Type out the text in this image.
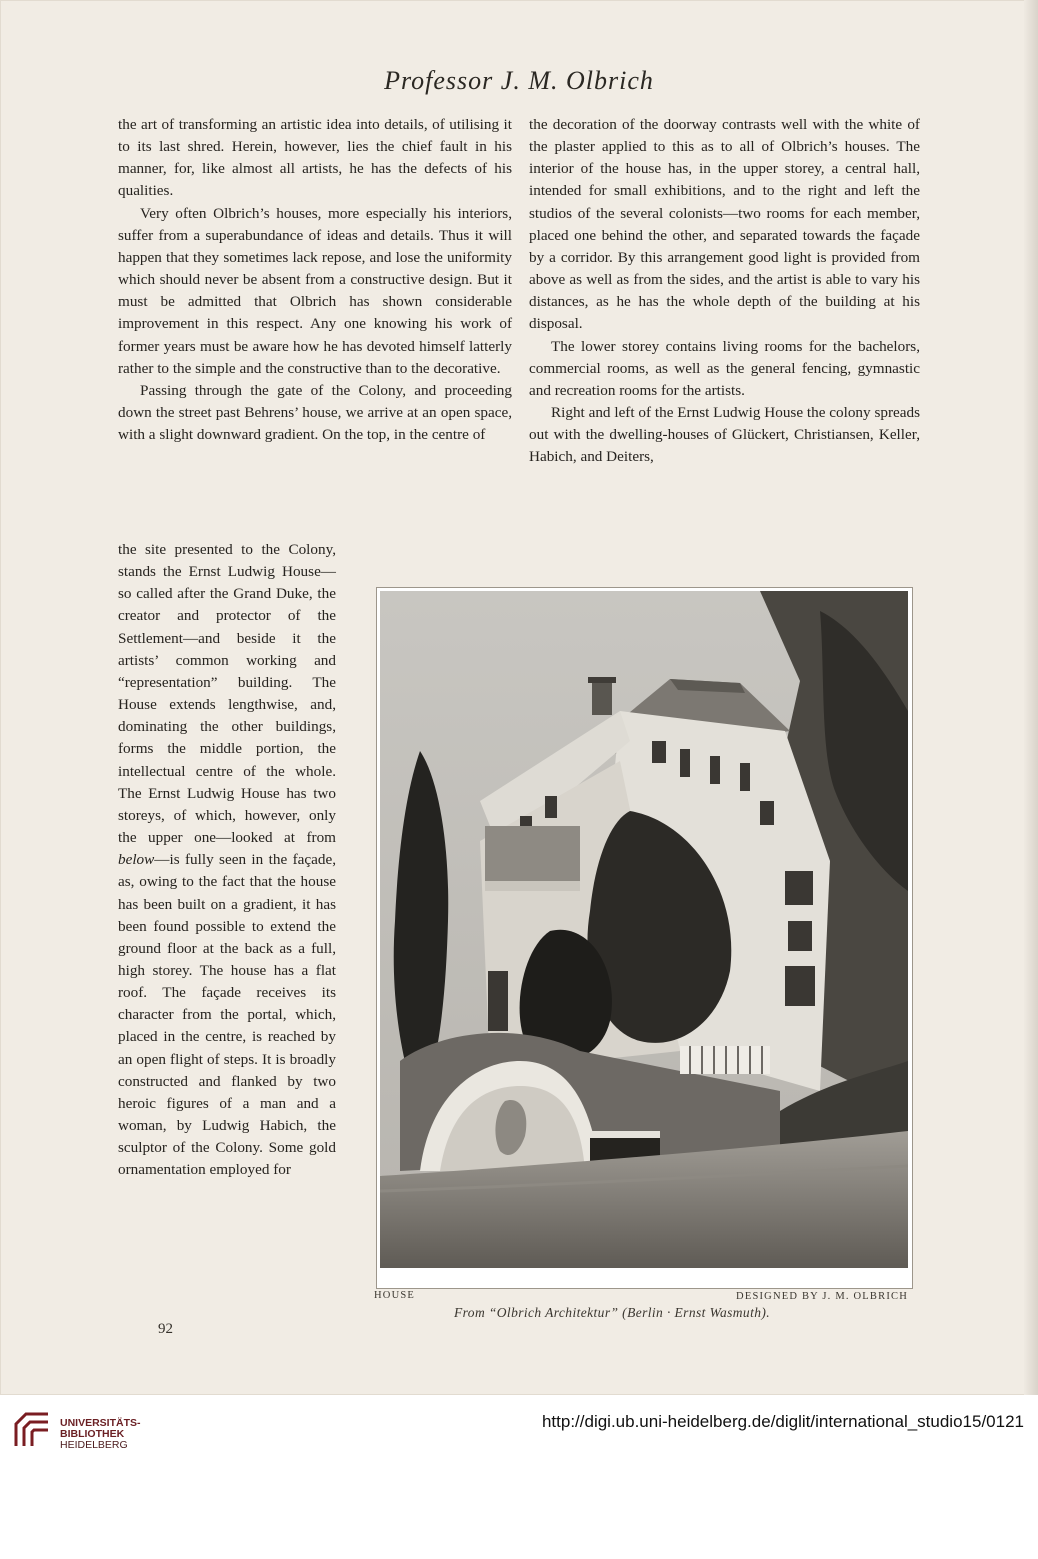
Professor J. M. Olbrich

the art of transforming an artistic idea into details, of utilising it to its last shred. Herein, however, lies the chief fault in his manner, for, like almost all artists, he has the defects of his qualities.

Very often Olbrich’s houses, more especially his interiors, suffer from a superabundance of ideas and details. Thus it will happen that they sometimes lack repose, and lose the uniformity which should never be absent from a constructive design. But it must be admitted that Olbrich has shown considerable improvement in this respect. Any one knowing his work of former years must be aware how he has devoted himself latterly rather to the simple and the constructive than to the decorative.

Passing through the gate of the Colony, and proceeding down the street past Behrens’ house, we arrive at an open space, with a slight downward gradient. On the top, in the centre of

the site presented to the Colony, stands the Ernst Ludwig House—so called after the Grand Duke, the creator and protector of the Settlement—and beside it the artists’ common working and “representation” building. The House extends lengthwise, and, dominating the other buildings, forms the middle portion, the intellectual centre of the whole. The Ernst Ludwig House has two storeys, of which, however, only the upper one—looked at from below—is fully seen in the façade, as, owing to the fact that the house has been built on a gradient, it has been found possible to extend the ground floor at the back as a full, high storey. The house has a flat roof. The façade receives its character from the portal, which, placed in the centre, is reached by an open flight of steps. It is broadly constructed and flanked by two heroic figures of a man and a woman, by Ludwig Habich, the sculptor of the Colony. Some gold ornamentation employed for

the decoration of the doorway contrasts well with the white of the plaster applied to this as to all of Olbrich’s houses. The interior of the house has, in the upper storey, a central hall, intended for small exhibitions, and to the right and left the studios of the several colonists—two rooms for each member, placed one behind the other, and separated towards the façade by a corridor. By this arrangement good light is provided from above as well as from the sides, and the artist is able to vary his distances, as he has the whole depth of the building at his disposal.

The lower storey contains living rooms for the bachelors, commercial rooms, as well as the general fencing, gymnastic and recreation rooms for the artists.

Right and left of the Ernst Ludwig House the colony spreads out with the dwelling-houses of Glückert, Christiansen, Keller, Habich, and Deiters,

HOUSE	DESIGNED BY J. M. OLBRICH
From “Olbrich Architektur” (Berlin · Ernst Wasmuth).
92
UNIVERSITÄTS-
BIBLIOTHEK
HEIDELBERG
http://digi.ub.uni-heidelberg.de/diglit/international_studio15/0121
